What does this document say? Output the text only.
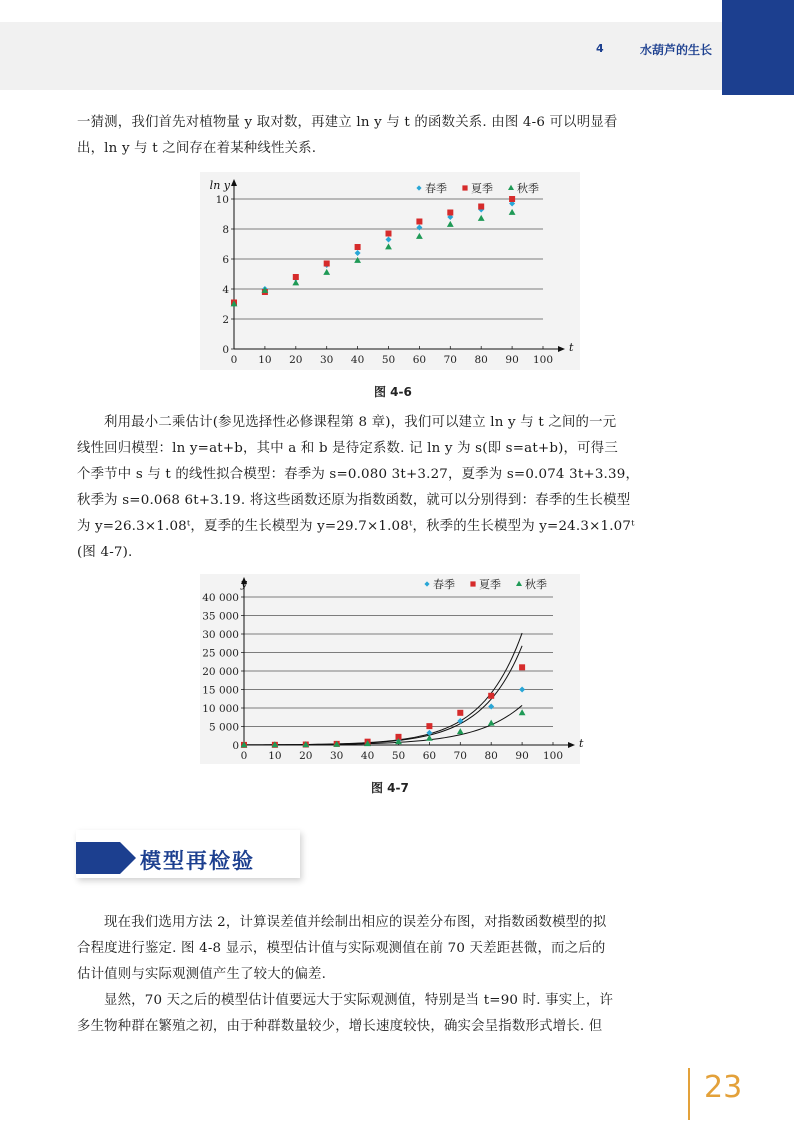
4	水葫芦的生长
一猜测，我们首先对植物量 y 取对数，再建立 ln y 与 t 的函数关系. 由图 4-6 可以明显看
出，ln y 与 t 之间存在着某种线性关系.
0
2
4
6
8
10
0 10 20 30 40 50 60 70 80 90 100
t
ln y	春季 夏季 秋季
图 4-6
利用最小二乘估计(参见选择性必修课程第 8 章)，我们可以建立 ln y 与 t 之间的一元
线性回归模型：ln y=at+b，其中 a 和 b 是待定系数. 记 ln y 为 s(即 s=at+b)，可得三
个季节中 s 与 t 的线性拟合模型：春季为 s=0.080 3t+3.27，夏季为 s=0.074 3t+3.39，
秋季为 s=0.068 6t+3.19. 将这些函数还原为指数函数，就可以分别得到：春季的生长模型
为 y=26.3×1.08ᵗ，夏季的生长模型为 y=29.7×1.08ᵗ，秋季的生长模型为 y=24.3×1.07ᵗ
(图 4-7).
0
5 000
10 000
15 000
20 000
25 000
30 000
35 000
40 000
0 10 20 30 40 50 60 70 80 90 100
t
y	春季 夏季 秋季
图 4-7
模型再检验
现在我们选用方法 2，计算误差值并绘制出相应的误差分布图，对指数函数模型的拟
合程度进行鉴定. 图 4-8 显示，模型估计值与实际观测值在前 70 天差距甚微，而之后的
估计值则与实际观测值产生了较大的偏差.
显然，70 天之后的模型估计值要远大于实际观测值，特别是当 t=90 时. 事实上，许
多生物种群在繁殖之初，由于种群数量较少，增长速度较快，确实会呈指数形式增长. 但
23
